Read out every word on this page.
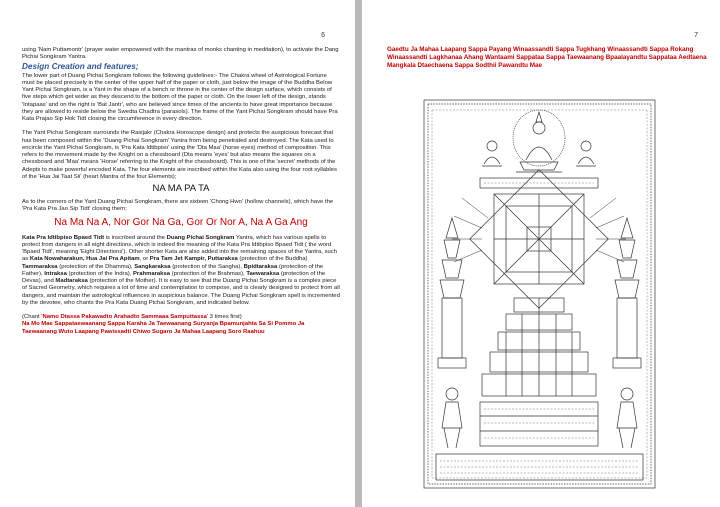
6

using 'Nam Puttamontr' (prayer water empowered with the mantras of monks chanting in meditation), to activate the Dang Pichai Songkram Yantra.

Design Creation and features;

The lower part of Duang Pichai Songkram follows the following guidelines:- The Chakra wheel of Astrological Fortune must be placed precisely in the center of the upper half of the paper or cloth, just below the image of the Buddha Below Yant Pichai Songkram, is a Yant in the shape of a bench or throne in the center of the design surface, which consists of five steps which get wider as they descend to the bottom of the paper or cloth. On the lower left of the design, stands 'Intapaas' and on the right is 'Bat Jantr', who are believed since times of the ancients to have great importance because they are allowed to reside below the Swedta Chadtra (parasols). The frame of the Yant Pichai Songkram should have Pra Kata Prajao Sip Hok Tidt closing the circumference in every direction.

The Yant Pichai Songkram surrounds the Rasijakr (Chakra Horoscope design) and protects the auspicious forecast that has been composed within the 'Duang Pichai Songkram' Yantra from being penetrated and destroyed. The Kata used to encircle the Yant Pichai Songkram, is 'Pra Kata Idtibpiso' using the 'Dta Maa' (horse eyes) method of composition. This refers to the movement made by the Knight on a chessboard (Dta means 'eyes' but also means the squares on a chessboard and 'Maa' means 'Horse' referring to the Knight of the chessboard). This is one of the 'secret' methods of the Adepts to make powerful encoded Kata. The four elements are inscribed within the Kata also using the four root syllables of the 'Hua Jai Taat Sii' (heart Mantra of the four Elements);

NA MA PA TA

As to the corners of the Yant Duang Pichai Songkram, there are sixteen 'Chong Hwo' (hollow channels), which have the 'Pra Kata Pra Jao Sip Tidt' closing them;

Na Ma Na A, Nor Gor Na Ga, Gor Or Nor A, Na A Ga Ang

Kata Pra Idtibpiso Bpaed Tidt is inscribed around the Duang Pichai Songkram Yantra, which has various spells to protect from dangers in all eight directions, which is indeed the meaning of the Kata Pra Idtibpiso Bpaed Tidt ( the word 'Bpaed Tidt', meaning 'Eight Directions'). Other shorter Kata are also added into the remaining spaces of the Yantra, such as Kata Nowaharakun, Hua Jai Pra Apitam, or Pra Tam Jet Kampir, Puttaraksa (protection of the Buddha) Tammaraksa (protection of the Dhamma), Sangkaraksa (protection of the Sangha), Bpidtaraksa (protection of the Father), Intraksa (protection of the Indra), Prahmaraksa (protection of the Brahmas), Taewaraksa (protection of the Devas), and Madtaraksa (protection of the Mother). It is easy to see that the Duang Pichai Songkram is a complex piece of Sacred Geometry, which requires a lot of time and contemplation to compose, and is clearly designed to protect from all dangers, and maintain the astrological influences in auspicious balance. The Duang Pichai Songkram spell is incremented by the devotee, who chants the Pra Kata Duang Pichai Songkram, and indicated below.

(Chant 'Namo Dtassa Pakawadto Arahadto Sammaaa Samputtassa' 3 times first)

Na Mo Mae Sappataewaanang Sappa Karaha Ja Taewaanang Suryanja Bpamunjahta Sa Si Pommo Ja Taewaanang Wuto Laapang Pawissadti Chiwo Sugaro Ja Mahaa Laapang Soro Raahuu

7
Gaedtu Ja Mahaa Laapang Sappa Payang Winaassandti Sappa Tugkhang Winaassandti Sappa Rokang Winaassandti Lagkhanaa Ahang Wantaami Sappataa Sappa Taewaanang Bpaalayandtu Sappataa Aedtaena Mangkala Dtaechaena Sappa Sodthii Pawandtu Mae
